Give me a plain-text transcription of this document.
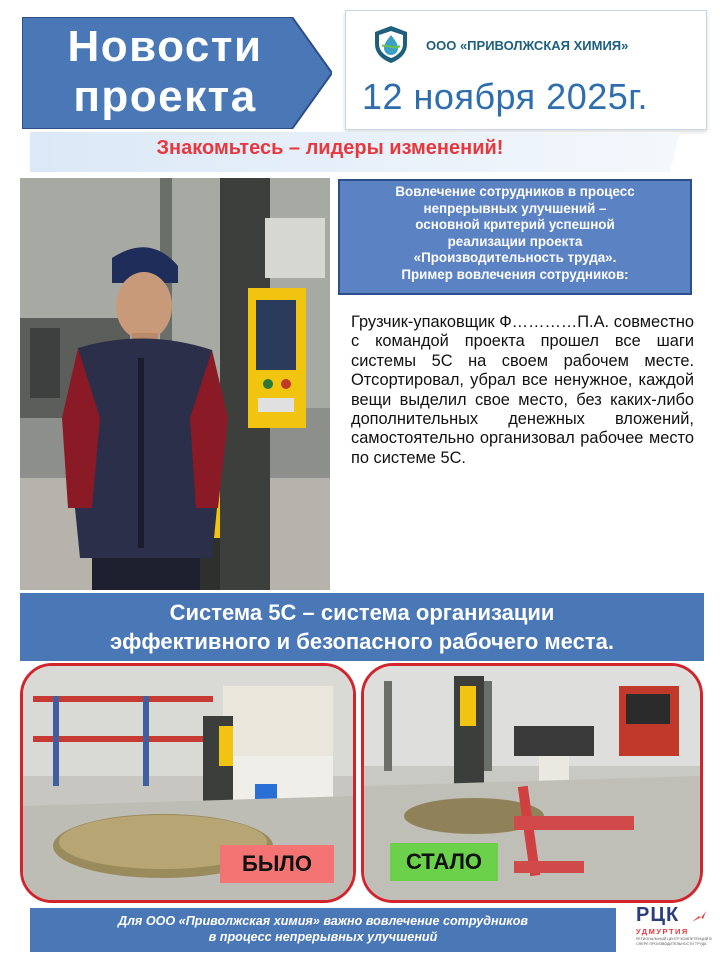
Новости
проекта
ООО «ПРИВОЛЖСКАЯ ХИМИЯ»
12 ноября 2025г.
Знакомьтесь – лидеры изменений!
Вовлечение сотрудников в процесс
непрерывных улучшений –
основной критерий успешной
реализации проекта
«Производительность труда».
Пример вовлечения сотрудников:
Грузчик-упаковщик Ф…………П.А. совместно с командой проекта прошел все шаги системы 5С на своем рабочем месте. Отсортировал, убрал все ненужное, каждой вещи выделил свое место, без каких-либо дополнительных денежных вложений, самостоятельно организовал рабочее место по системе 5С.
Система 5С – система организации
эффективного и безопасного рабочего места.
БЫЛО	СТАЛО
Для ООО «Приволжская химия» важно вовлечение сотрудников
в процесс непрерывных улучшений
РЦК
УДМУРТИЯ
РЕГИОНАЛЬНЫЙ ЦЕНТР КОМПЕТЕНЦИЙ В СФЕРЕ ПРОИЗВОДИТЕЛЬНОСТИ ТРУДА
